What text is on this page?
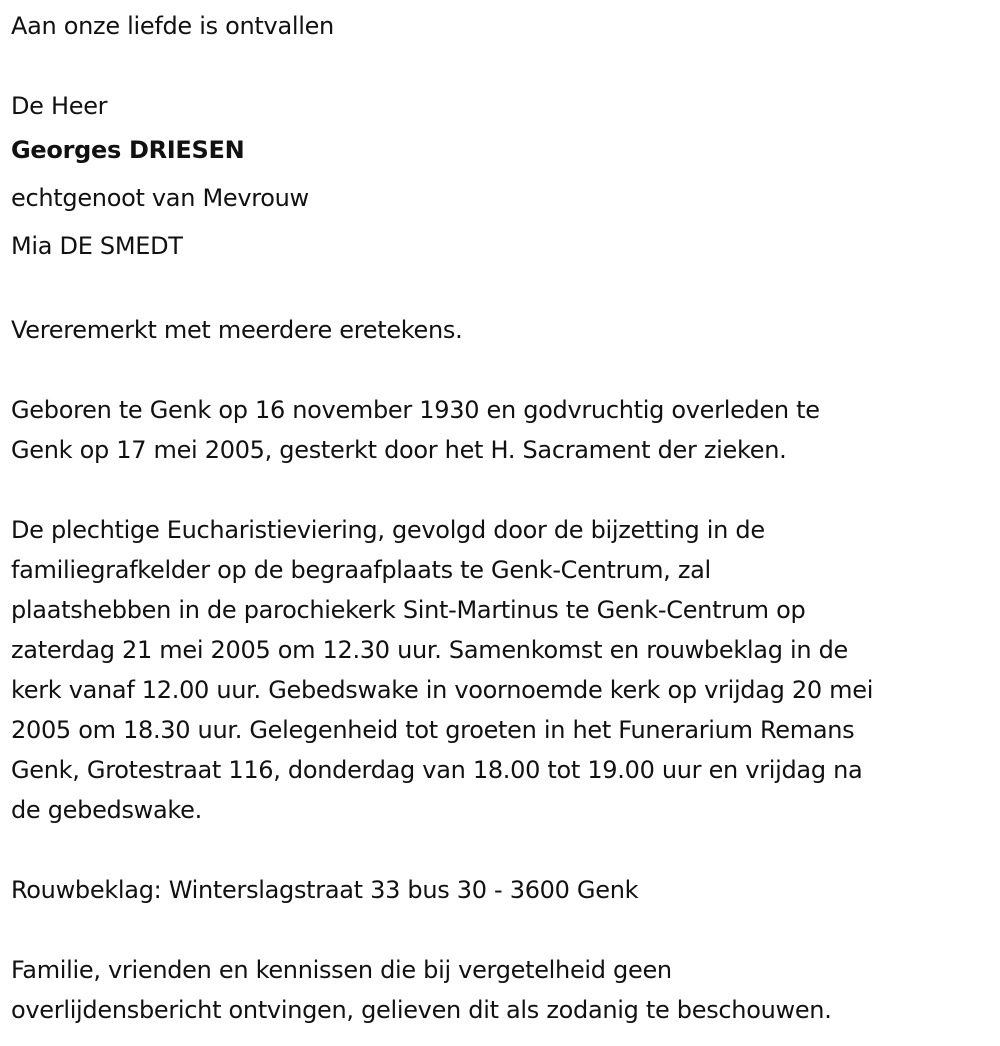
Aan onze liefde is ontvallen
De Heer
Georges DRIESEN
echtgenoot van Mevrouw
Mia DE SMEDT
Vereremerkt met meerdere eretekens.
Geboren te Genk op 16 november 1930 en godvruchtig overleden te
Genk op 17 mei 2005, gesterkt door het H. Sacrament der zieken.
De plechtige Eucharistieviering, gevolgd door de bijzetting in de
familiegrafkelder op de begraafplaats te Genk-Centrum, zal
plaatshebben in de parochiekerk Sint-Martinus te Genk-Centrum op
zaterdag 21 mei 2005 om 12.30 uur. Samenkomst en rouwbeklag in de
kerk vanaf 12.00 uur. Gebedswake in voornoemde kerk op vrijdag 20 mei
2005 om 18.30 uur. Gelegenheid tot groeten in het Funerarium Remans
Genk, Grotestraat 116, donderdag van 18.00 tot 19.00 uur en vrijdag na
de gebedswake.
Rouwbeklag: Winterslagstraat 33 bus 30 - 3600 Genk
Familie, vrienden en kennissen die bij vergetelheid geen
overlijdensbericht ontvingen, gelieven dit als zodanig te beschouwen.
